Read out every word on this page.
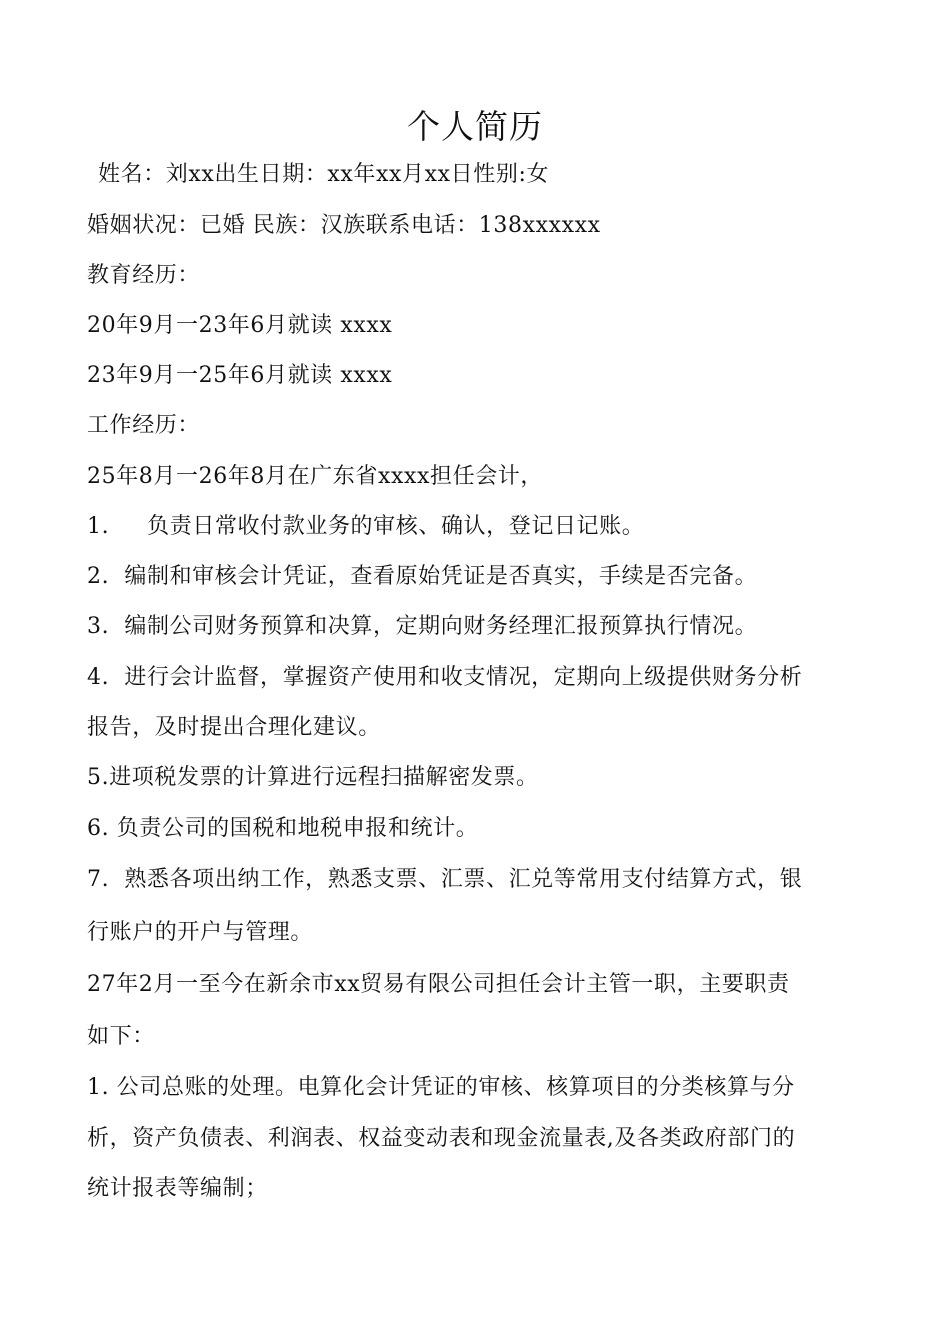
个人简历
姓名：刘xx出生日期：xx年xx月xx日性别:女
婚姻状况：已婚 民族：汉族联系电话：138xxxxxx
教育经历：
20年9月一23年6月就读 xxxx
23年9月一25年6月就读 xxxx
工作经历：
25年8月一26年8月在广东省xxxx担任会计，
1.     负责日常收付款业务的审核、确认，登记日记账。
2.  编制和审核会计凭证，查看原始凭证是否真实，手续是否完备。
3.  编制公司财务预算和决算，定期向财务经理汇报预算执行情况。
4.  进行会计监督，掌握资产使用和收支情况，定期向上级提供财务分析
报告，及时提出合理化建议。
5.进项税发票的计算进行远程扫描解密发票。
6. 负责公司的国税和地税申报和统计。
7.  熟悉各项出纳工作，熟悉支票、汇票、汇兑等常用支付结算方式，银
行账户的开户与管理。
27年2月一至今在新余市xx贸易有限公司担任会计主管一职，主要职责
如下：
1. 公司总账的处理。电算化会计凭证的审核、核算项目的分类核算与分
析，资产负债表、利润表、权益变动表和现金流量表,及各类政府部门的
统计报表等编制；
